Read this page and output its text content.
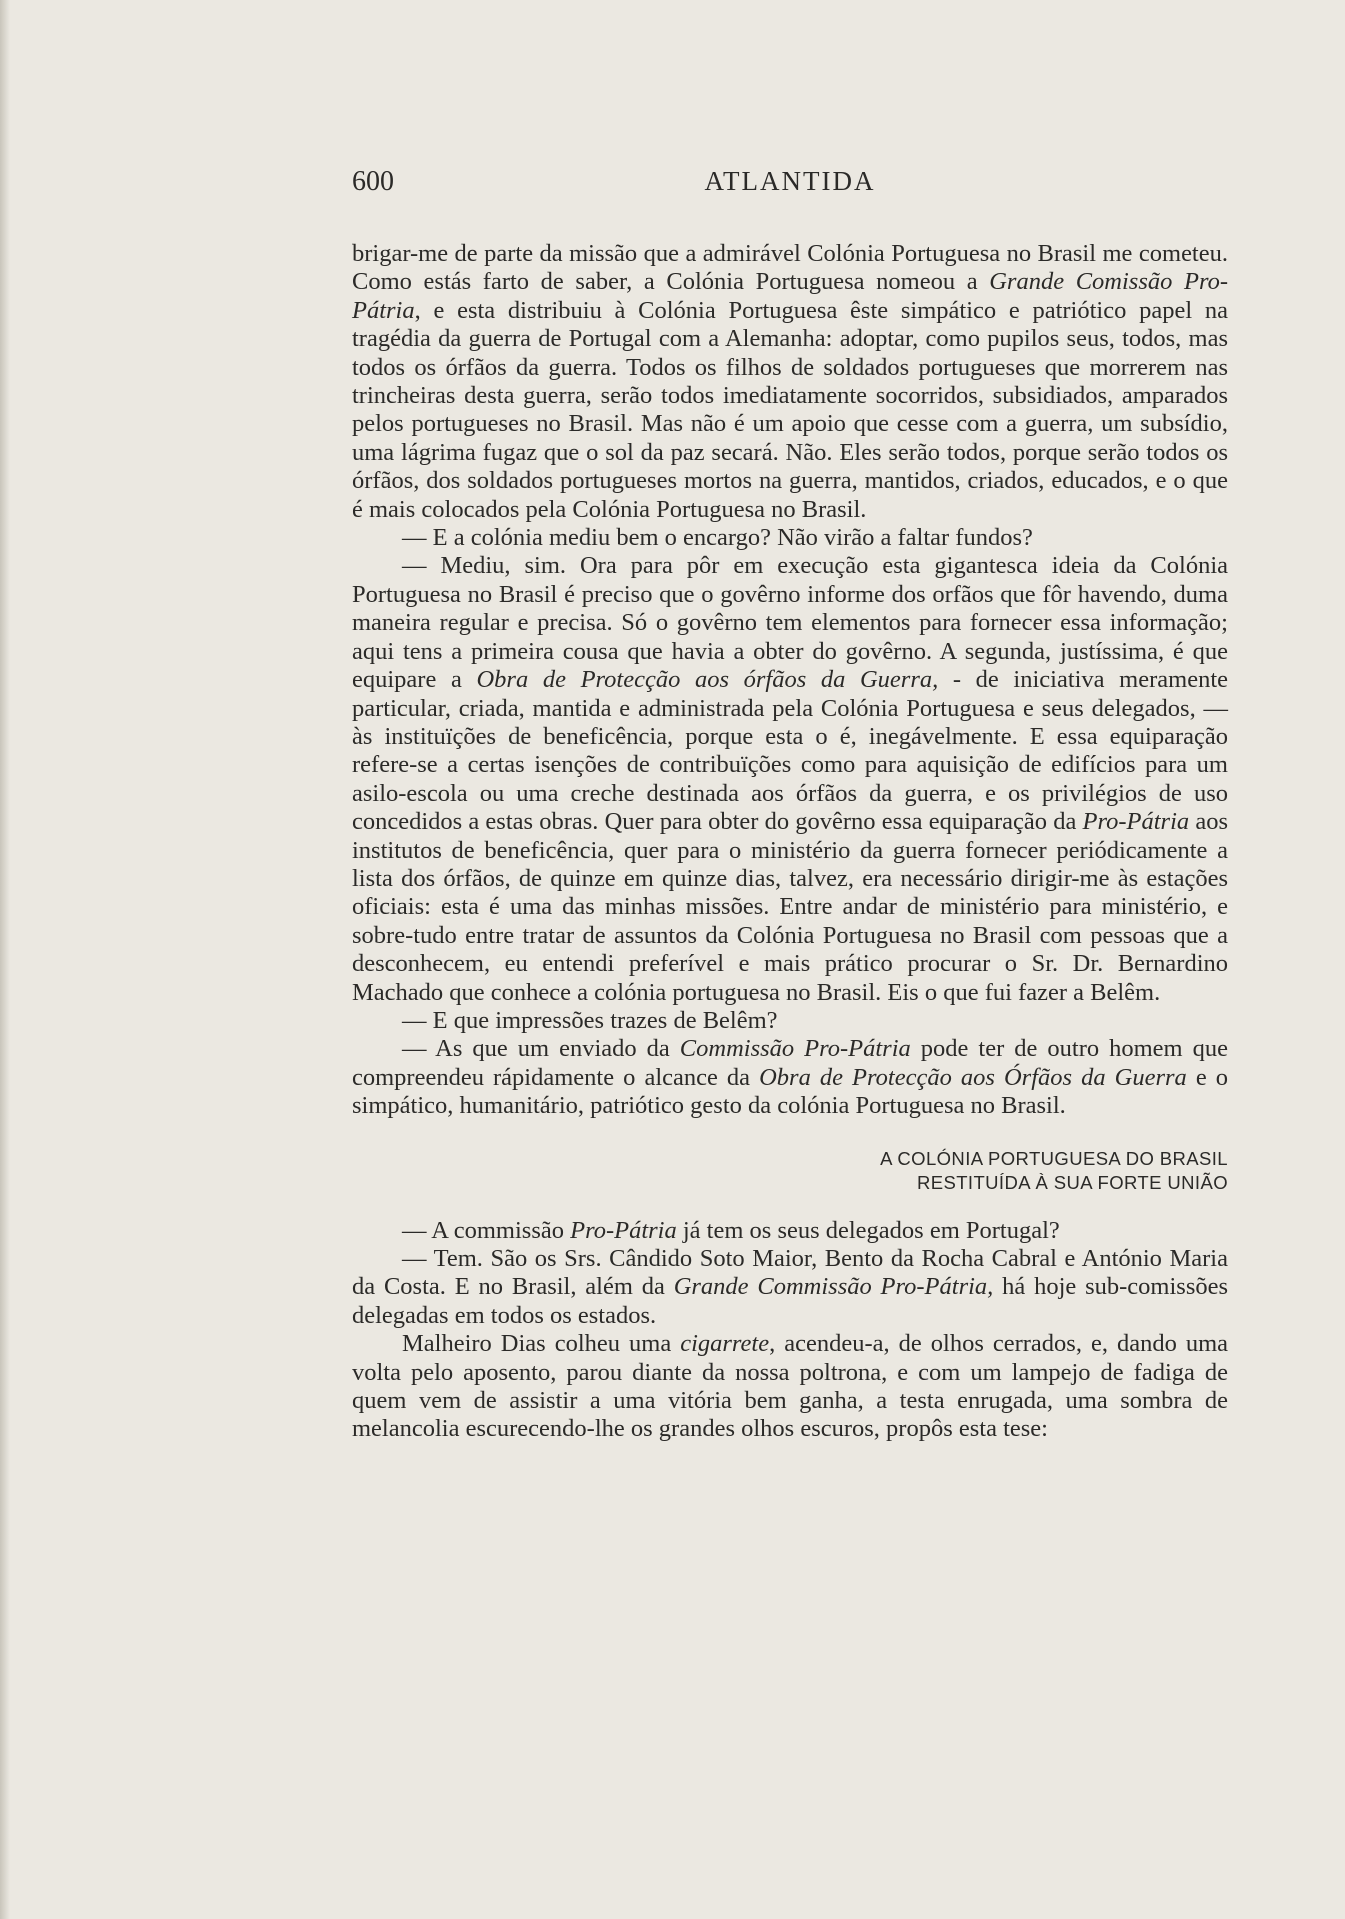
600	ATLANTIDA

brigar-me de parte da missão que a admirável Colónia Portuguesa no Brasil me cometeu. Como estás farto de saber, a Colónia Portuguesa nomeou a Grande Comissão Pro-Pátria, e esta distribuiu à Colónia Portuguesa êste simpático e patriótico papel na tragédia da guerra de Portugal com a Alemanha: adoptar, como pupilos seus, todos, mas todos os órfãos da guerra. Todos os filhos de soldados portugueses que morrerem nas trincheiras desta guerra, serão todos imediatamente socorridos, subsidiados, amparados pelos portugueses no Brasil. Mas não é um apoio que cesse com a guerra, um subsídio, uma lágrima fugaz que o sol da paz secará. Não. Eles serão todos, porque serão todos os órfãos, dos soldados portugueses mortos na guerra, mantidos, criados, educados, e o que é mais colocados pela Colónia Portuguesa no Brasil.

— E a colónia mediu bem o encargo? Não virão a faltar fundos?

— Mediu, sim. Ora para pôr em execução esta gigantesca ideia da Colónia Portuguesa no Brasil é preciso que o govêrno informe dos orfãos que fôr havendo, duma maneira regular e precisa. Só o govêrno tem elementos para fornecer essa informação; aqui tens a primeira cousa que havia a obter do govêrno. A segunda, justíssima, é que equipare a Obra de Protecção aos órfãos da Guerra, - de iniciativa meramente particular, criada, mantida e administrada pela Colónia Portuguesa e seus delegados, — às instituïções de beneficência, porque esta o é, inegávelmente. E essa equiparação refere-se a certas isenções de contribuïções como para aquisição de edifícios para um asilo-escola ou uma creche destinada aos órfãos da guerra, e os privilégios de uso concedidos a estas obras. Quer para obter do govêrno essa equiparação da Pro-Pátria aos institutos de beneficência, quer para o ministério da guerra fornecer periódicamente a lista dos órfãos, de quinze em quinze dias, talvez, era necessário dirigir-me às estações oficiais: esta é uma das minhas missões. Entre andar de ministério para ministério, e sobre-tudo entre tratar de assuntos da Colónia Portuguesa no Brasil com pessoas que a desconhecem, eu entendi preferível e mais prático procurar o Sr. Dr. Bernardino Machado que conhece a colónia portuguesa no Brasil. Eis o que fui fazer a Belêm.

— E que impressões trazes de Belêm?

— As que um enviado da Commissão Pro-Pátria pode ter de outro homem que compreendeu rápidamente o alcance da Obra de Protecção aos Órfãos da Guerra e o simpático, humanitário, patriótico gesto da colónia Portuguesa no Brasil.

A COLÓNIA PORTUGUESA DO BRASIL
RESTITUÍDA À SUA FORTE UNIÃO

— A commissão Pro-Pátria já tem os seus delegados em Portugal?

— Tem. São os Srs. Cândido Soto Maior, Bento da Rocha Cabral e António Maria da Costa. E no Brasil, além da Grande Commissão Pro-Pátria, há hoje sub-comissões delegadas em todos os estados.

Malheiro Dias colheu uma cigarrete, acendeu-a, de olhos cerrados, e, dando uma volta pelo aposento, parou diante da nossa poltrona, e com um lampejo de fadiga de quem vem de assistir a uma vitória bem ganha, a testa enrugada, uma sombra de melancolia escurecendo-lhe os grandes olhos escuros, propôs esta tese:
